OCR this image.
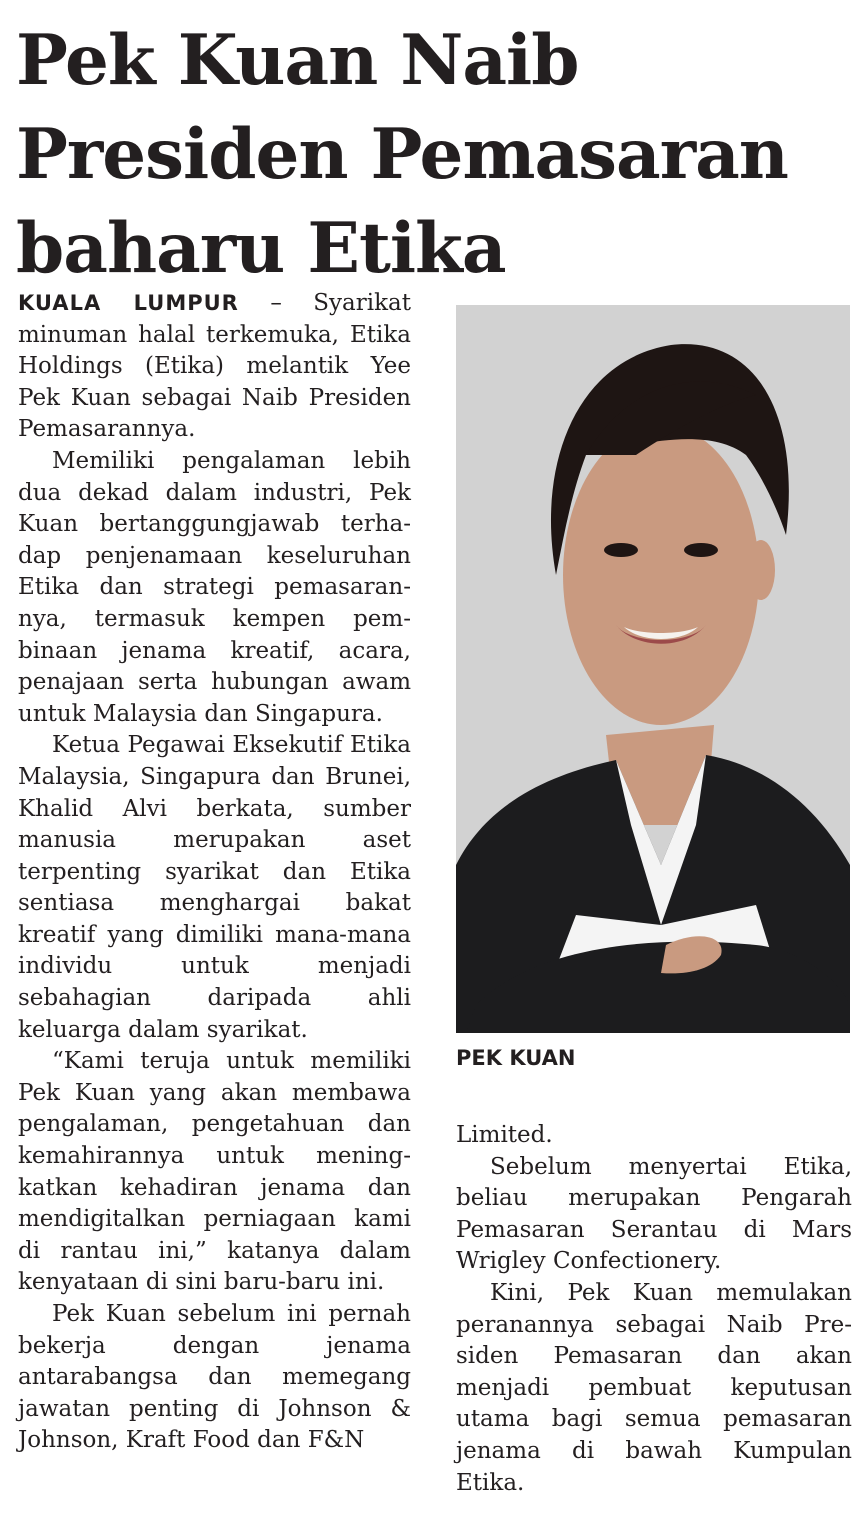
Pek Kuan Naib Presiden Pemasaran baharu Etika

KUALA LUMPUR – Syarikat minuman halal terkemuka, Etika Holdings (Etika) melantik Yee Pek Kuan sebagai Naib Presiden Pemasarannya.

Memiliki pengalaman lebih dua dekad dalam industri, Pek Kuan bertanggungjawab terhadap penjenamaan keseluruhan Etika dan strategi pemasarannya, termasuk kempen pembinaan jenama kreatif, acara, penajaan serta hubungan awam untuk Malaysia dan Singapura.

Ketua Pegawai Eksekutif Etika Malaysia, Singapura dan Brunei, Khalid Alvi berkata, sumber manusia merupakan aset terpenting syarikat dan Etika sentiasa menghargai bakat kreatif yang dimiliki mana-mana individu untuk menjadi sebahagian daripada ahli keluarga dalam syarikat.

“Kami teruja untuk memiliki Pek Kuan yang akan membawa pengalaman, pengetahuan dan kemahirannya untuk meningkatkan kehadiran jenama dan mendigitalkan perniagaan kami di rantau ini,” katanya dalam kenyataan di sini baru-baru ini.

Pek Kuan sebelum ini pernah bekerja dengan jenama antarabangsa dan memegang jawatan penting di Johnson & Johnson, Kraft Food dan F&N

PEK KUAN

Limited.

Sebelum menyertai Etika, beliau merupakan Pengarah Pemasaran Serantau di Mars Wrigley Confectionery.

Kini, Pek Kuan memulakan peranannya sebagai Naib Presiden Pemasaran dan akan menjadi pembuat keputusan utama bagi semua pemasaran jenama di bawah Kumpulan Etika.
